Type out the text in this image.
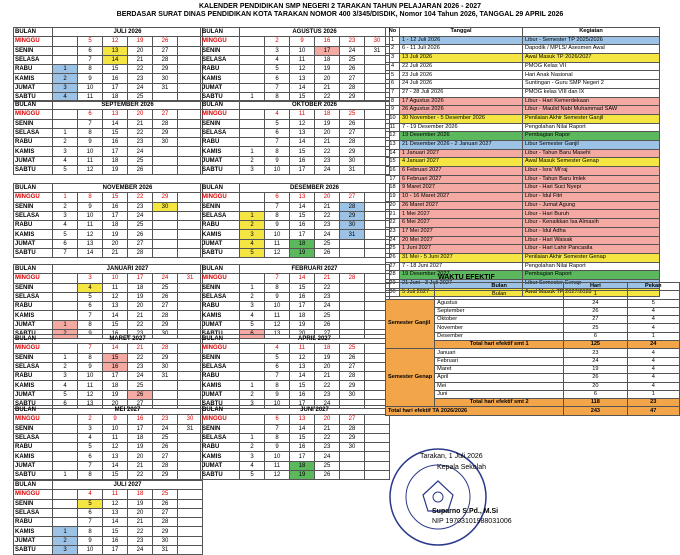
KALENDER PENDIDIKAN SMP NEGERI 2 TARAKAN TAHUN PELAJARAN 2026 - 2027
BERDASAR SURAT DINAS PENDIDIKAN KOTA TARAKAN NOMOR 400 3/345/DISDIK, Nomor 104 Tahun 2026, TANGGAL 29 APRIL 2026
BULAN	JULI 2026					
MINGGU		5	12	19	26	
SENIN		6	13	20	27	
SELASA		7	14	21	28	
RABU	1	8	15	22	29	
KAMIS	2	9	16	23	30	
JUMAT	3	10	17	24	31	
SABTU	4	11	18	25		
BULAN	AGUSTUS 2026					
MINGGU		2	9	16	23	30
SENIN		3	10	17	24	31
SELASA		4	11	18	25	
RABU		5	12	19	26	
KAMIS		6	13	20	27	
JUMAT		7	14	21	28	
SABTU	1	8	15	22	29	
BULAN	SEPTEMBER 2026					
MINGGU		6	13	20	27	
SENIN		7	14	21	28	
SELASA	1	8	15	22	29	
RABU	2	9	16	23	30	
KAMIS	3	10	17	24		
JUMAT	4	11	18	25		
SABTU	5	12	19	26		
BULAN	OKTOBER 2026					
MINGGU		4	11	18	25	
SENIN		5	12	19	26	
SELASA		6	13	20	27	
RABU		7	14	21	28	
KAMIS	1	8	15	22	29	
JUMAT	2	9	16	23	30	
SABTU	3	10	17	24	31	
BULAN	NOVEMBER 2026					
MINGGU	1	8	15	22	29	
SENIN	2	9	16	23	30	
SELASA	3	10	17	24		
RABU	4	11	18	25		
KAMIS	5	12	19	26		
JUMAT	6	13	20	27		
SABTU	7	14	21	28		
BULAN	DESEMBER 2026					
MINGGU		6	13	20	27	
SENIN		7	14	21	28	
SELASA	1	8	15	22	29	
RABU	2	9	16	23	30	
KAMIS	3	10	17	24	31	
JUMAT	4	11	18	25		
SABTU	5	12	19	26		
BULAN	JANUARI 2027					
MINGGU		3	10	17	24	31
SENIN		4	11	18	25	
SELASA		5	12	19	26	
RABU		6	13	20	27	
KAMIS		7	14	21	28	
JUMAT	1	8	15	22	29	
SABTU	2	9	16	23	30	
BULAN	FEBRUARI 2027					
MINGGU		7	14	21	28	
SENIN	1	8	15	22		
SELASA	2	9	16	23		
RABU	3	10	17	24		
KAMIS	4	11	18	25		
JUMAT	5	12	19	26		
SABTU	6	13	20	27		
BULAN	MARET 2027					
MINGGU		7	14	21	28	
SENIN	1	8	15	22	29	
SELASA	2	9	16	23	30	
RABU	3	10	17	24	31	
KAMIS	4	11	18	25		
JUMAT	5	12	19	26		
SABTU	6	13	20	27		
BULAN	APRIL 2027					
MINGGU		4	11	18	25	
SENIN		5	12	19	26	
SELASA		6	13	20	27	
RABU		7	14	21	28	
KAMIS	1	8	15	22	29	
JUMAT	2	9	16	23	30	
SABTU	3	10	17	24		
BULAN	MEI 2027					
MINGGU		2	9	16	23	30
SENIN		3	10	17	24	31
SELASA		4	11	18	25	
RABU		5	12	19	26	
KAMIS		6	13	20	27	
JUMAT		7	14	21	28	
SABTU	1	8	15	22	29	
BULAN	JUNI 2027					
MINGGU		6	13	20	27	
SENIN		7	14	21	28	
SELASA	1	8	15	22	29	
RABU	2	9	16	23	30	
KAMIS	3	10	17	24		
JUMAT	4	11	18	25		
SABTU	5	12	19	26		
BULAN	JULI 2027					
MINGGU		4	11	18	25	
SENIN		5	12	19	26	
SELASA		6	13	20	27	
RABU		7	14	21	28	
KAMIS	1	8	15	22	29	
JUMAT	2	9	16	23	30	
SABTU	3	10	17	24	31	
No	Tanggal	Kegiatan
1	1 - 12 Juli 2026	Libur - Semester TP 2025/2026
2	6 - 11 Juli 2026	Dapodik / MPLS/ Asesmen Awal
3	13 Juli 2026	Awal Masuk TP 2026/2027
4	22 Juli 2026	PMOG Kelas VII
5	23 Juli 2026	Hari Anak Nasional
6	24 Juli 2026	Suntingan - Guru SMP Negeri 2
7	27 - 28 Juli 2026	PMOG kelas VIII dan IX
8	17 Agustus 2026	Libur - Hari Kemerdekaan
9	26 Agustus 2026	Libur - Maulid Nabi Muhammad SAW
10	30 November - 5 Desember 2026	Penilaian Akhir Semester Ganjil
11	7 - 19 Desember 2026	Pengolahan Nilai Raport
12	19 Desember 2026	Pembagian Rapor
13	21 Desember 2026 - 2 Januari 2027	Libur Semester Ganjil
14	1 Januari 2027	Libur - Tahun Baru Masehi
15	4 Januari 2027	Awal Masuk Semester Genap
16	6 Februari 2027	Libur - Isra' Mi'raj
17	6 Februari 2027	Libur - Tahun Baru Imlek
18	9 Maret 2027	Libur - Hari Suci Nyepi
19	10 - 16 Maret 2027	Libur - Idul Fitri
20	26 Maret 2027	Libur - Jumat Agung
21	1 Mei 2027	Libur - Hari Buruh
22	6 Mei 2027	Libur - Kenaikkan Isa Almasih
23	17 Mei 2027	Libur - Idul Adha
24	20 Mei 2027	Libur - Hari Waisak
25	1 Juni 2027	Libur - Hari Lahir Pancasila
26	31 Mei - 5 Juni 2027	Penilaian Akhir Semester Genap
27	7 - 18 Juni 2027	Pengolahan Nilai Raport
28	19 Desember 2027	Pembagian Raport
29	21 Juni - 3 Juli 2027	Libur Semester Genap
30	5 Juli 2027	Awal Masuk TP 2027/2028
WAKTU EFEKTIF
	Bulan	Hari	Pekan
	Bulan	1	
Semester Ganjil	Agustus	24	5
	September	26	4
	Oktober	27	4
	November	25	4
	Desember	6	1
	Total hari efektif smt 1	125	24
Semester Genap	Januari	23	4
	Februari	24	4
	Maret	19	4
	April	26	4
	Mei	20	4
	Juni	6	1
	Total hari efektif smt 2	118	23
Total hari efektif TA 2026/2026		243	47
Tarakan, 1 Juli 2026
Kepala Sekolah
Suparno S.Pd., M.Si
NIP 19703101988031006
